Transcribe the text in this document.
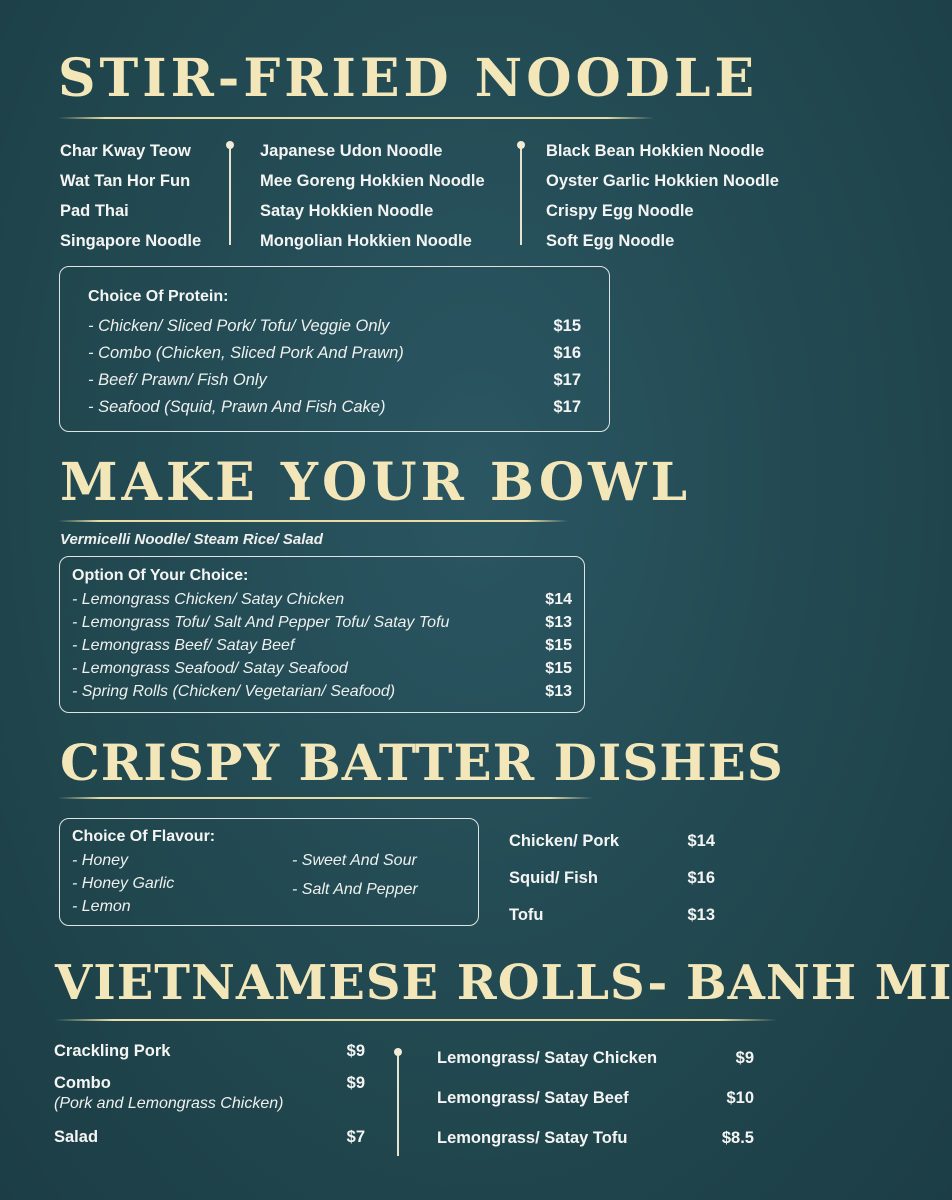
STIR-FRIED NOODLE
Char Kway Teow
Wat Tan Hor Fun
Pad Thai
Singapore Noodle
Japanese Udon Noodle
Mee Goreng Hokkien Noodle
Satay Hokkien Noodle
Mongolian Hokkien Noodle
Black Bean Hokkien Noodle
Oyster Garlic Hokkien Noodle
Crispy Egg Noodle
Soft Egg Noodle
Choice Of Protein:
- Chicken/ Sliced Pork/ Tofu/ Veggie Only	$15
- Combo (Chicken, Sliced Pork And Prawn)	$16
- Beef/ Prawn/ Fish Only	$17
- Seafood (Squid, Prawn And Fish Cake)	$17
MAKE YOUR BOWL
Vermicelli Noodle/ Steam Rice/ Salad
Option Of Your Choice:
- Lemongrass Chicken/ Satay Chicken	$14
- Lemongrass Tofu/ Salt And Pepper Tofu/ Satay Tofu	$13
- Lemongrass Beef/ Satay Beef	$15
- Lemongrass Seafood/ Satay Seafood	$15
- Spring Rolls (Chicken/ Vegetarian/ Seafood)	$13
CRISPY BATTER DISHES
Choice Of Flavour:
- Honey
- Honey Garlic
- Lemon
- Sweet And Sour
- Salt And Pepper
Chicken/ Pork	$14
Squid/ Fish	$16
Tofu	$13
VIETNAMESE ROLLS- BANH MI
Crackling Pork	$9
Combo	$9
(Pork and Lemongrass Chicken)
Salad	$7
Lemongrass/ Satay Chicken	$9
Lemongrass/ Satay Beef	$10
Lemongrass/ Satay Tofu	$8.5
